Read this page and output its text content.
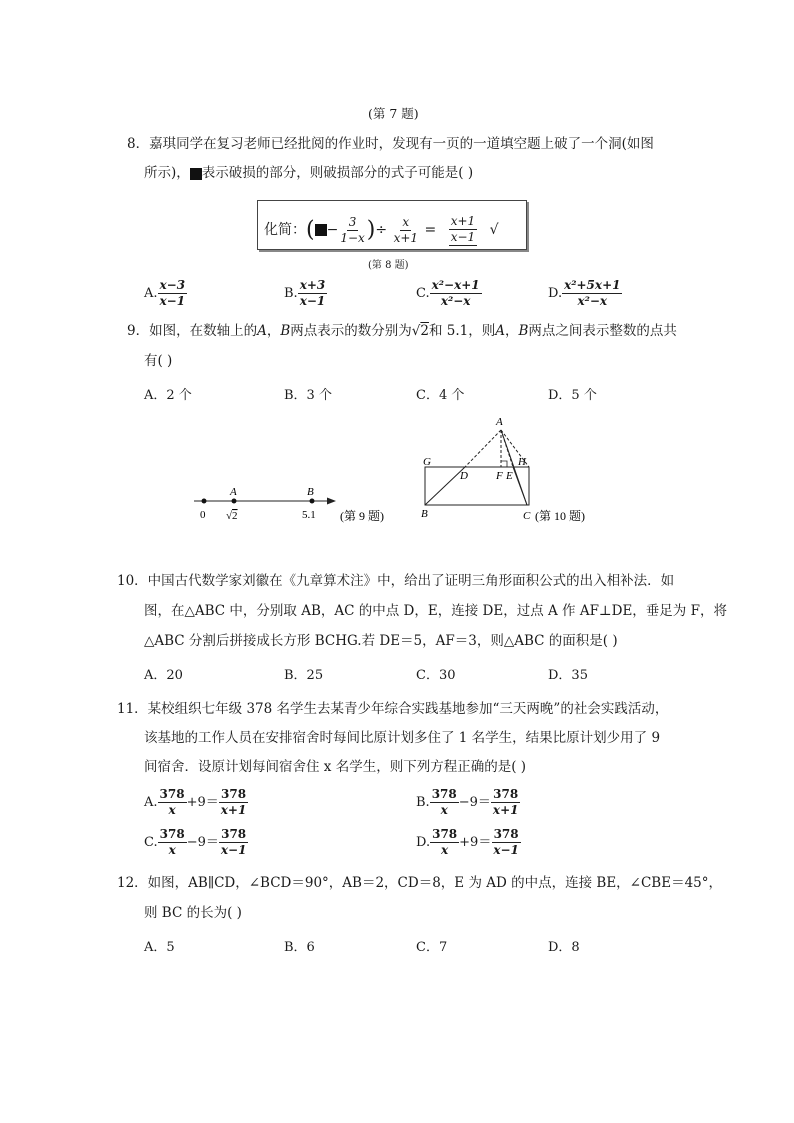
(第 7 题)
8．嘉琪同学在复习老师已经批阅的作业时，发现有一页的一道填空题上破了一个洞(如图
所示)， 表示破损的部分，则破损部分的式子可能是( )
化简：( − $\frac{3}{1-x}$ )÷ $\frac{x}{x+1} = \frac{x+1}{x-1}$ √
(第 8 题)
A. $\frac{x-3}{x-1}$	B. $\frac{x+3}{x-1}$	C. $\frac{\text{x²−x+1}}{\text{x²−x}}$	D. $\frac{\text{x²+5x+1}}{\text{x²−x}}$
9．如图，在数轴上的A，B两点表示的数分别为√2和 5.1，则A，B两点之间表示整数的点共
有( )
A．2 个	B．3 个	C．4 个	D．5 个
0
A
√2
B
5.1 (第 9 题)
A
G
D	F E
H
B	C (第 10 题)
10．中国古代数学家刘徽在《九章算术注》中，给出了证明三角形面积公式的出入相补法．如
图，在△ABC 中，分别取 AB，AC 的中点 D，E，连接 DE，过点 A 作 AF⊥DE，垂足为 F，将
△ABC 分割后拼接成长方形 BCHG.若 DE＝5，AF＝3，则△ABC 的面积是( )
A．20	B．25	C．30	D．35
11．某校组织七年级 378 名学生去某青少年综合实践基地参加“三天两晚”的社会实践活动，
该基地的工作人员在安排宿舍时每间比原计划多住了 1 名学生，结果比原计划少用了 9
间宿舍．设原计划每间宿舍住 x 名学生，则下列方程正确的是( )
A. $\frac{378}{x} +9= \frac{378}{x+1}$	B. $\frac{378}{x} -9= \frac{378}{x+1}$
C. $\frac{378}{x} -9= \frac{378}{x-1}$	D. $\frac{378}{x} +9= \frac{378}{x-1}$
12．如图，AB∥CD，∠BCD＝90°，AB＝2，CD＝8，E 为 AD 的中点，连接 BE，∠CBE＝45°，
则 BC 的长为( )
A．5	B．6	C．7	D．8
